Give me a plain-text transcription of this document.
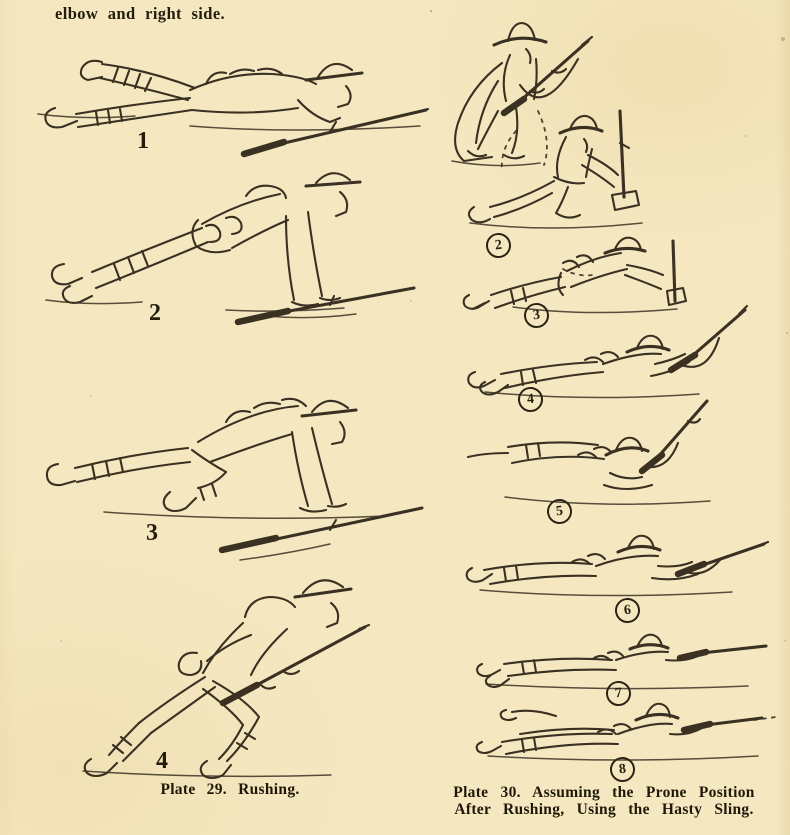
elbow and right side.
1
2
3
4
Plate 29. Rushing.
2
3
4
5
6
7
8
Plate 30. Assuming the Prone Position
After Rushing, Using the Hasty Sling.
